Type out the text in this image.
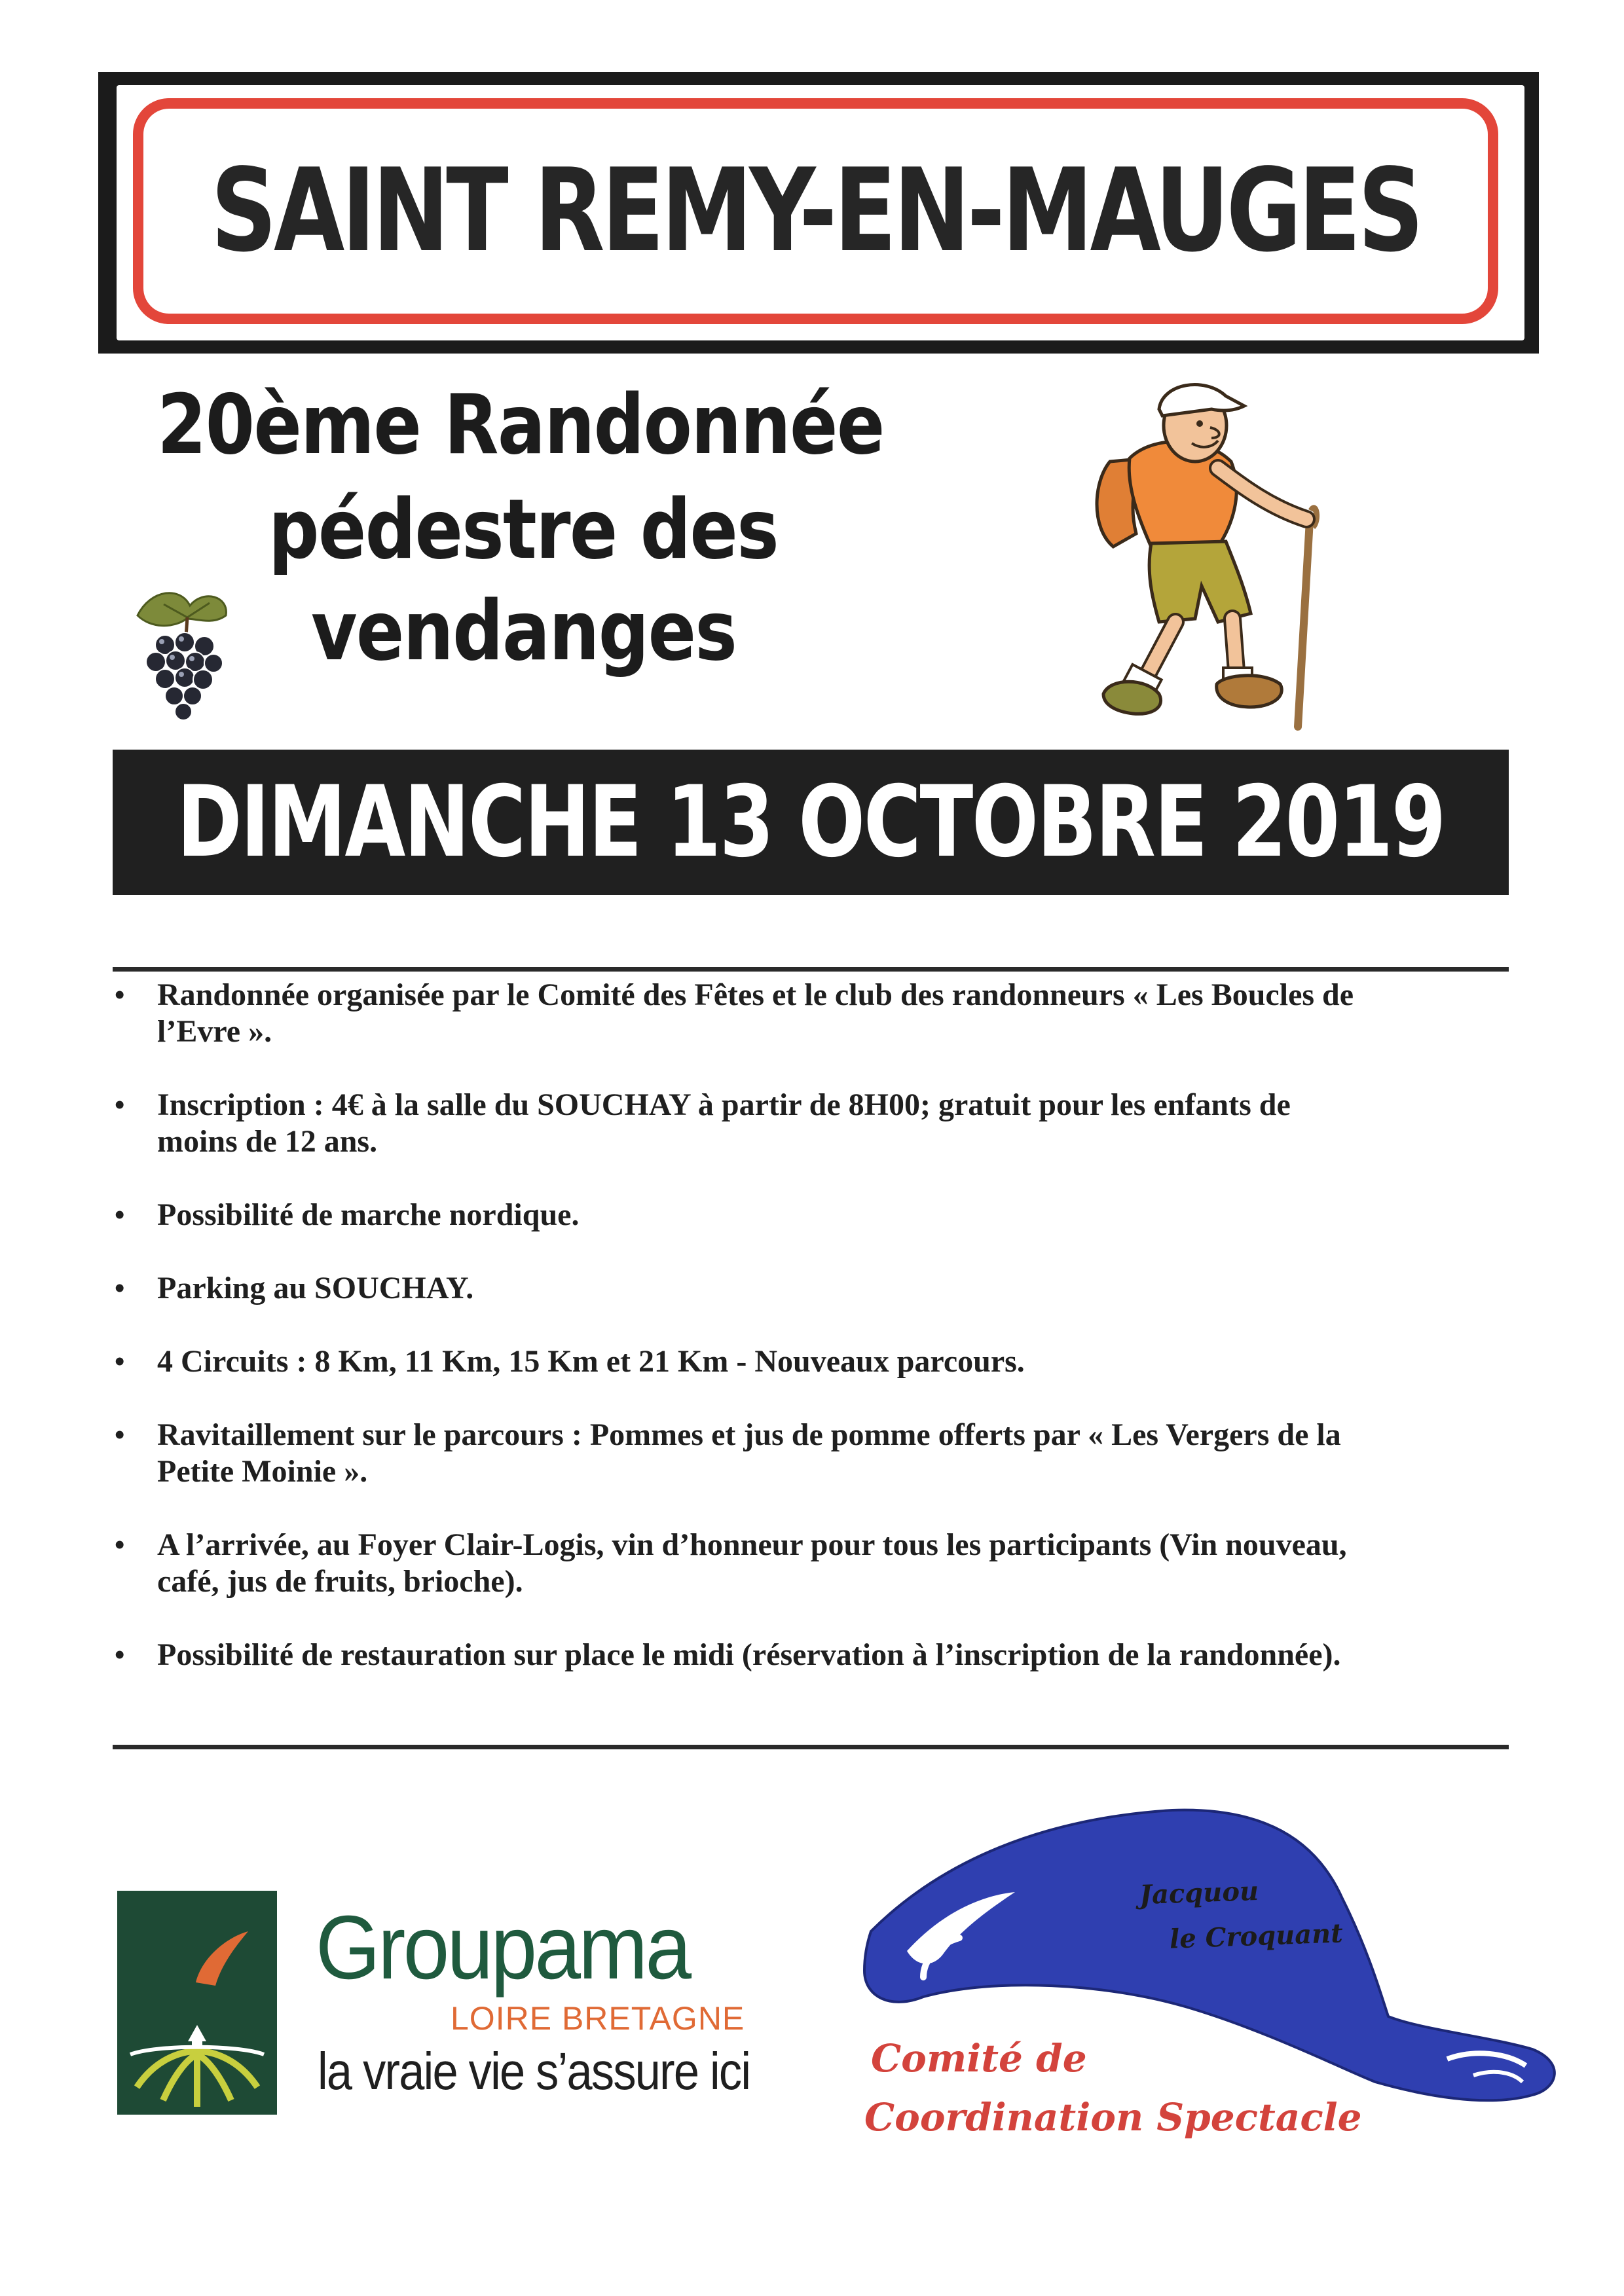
SAINT REMY-EN-MAUGES
20ème Randonnée
pédestre des
vendanges
DIMANCHE 13 OCTOBRE 2019
• Randonnée organisée par le Comité des Fêtes et le club des randonneurs « Les Boucles de
l’Evre ».
• Inscription : 4€ à la salle du SOUCHAY à partir de 8H00; gratuit pour les enfants de
moins de 12 ans.
• Possibilité de marche nordique.
• Parking au SOUCHAY.
• 4 Circuits : 8 Km, 11 Km, 15 Km et 21 Km - Nouveaux parcours.
• Ravitaillement sur le parcours : Pommes et jus de pomme offerts par « Les Vergers de la
Petite Moinie ».
• A l’arrivée, au Foyer Clair-Logis, vin d’honneur pour tous les participants (Vin nouveau,
café, jus de fruits, brioche).
• Possibilité de restauration sur place le midi (réservation à l’inscription de la randonnée).
Groupama
LOIRE BRETAGNE
la vraie vie s’assure ici
Jacquou
le Croquant
Comité de
Coordination Spectacle
